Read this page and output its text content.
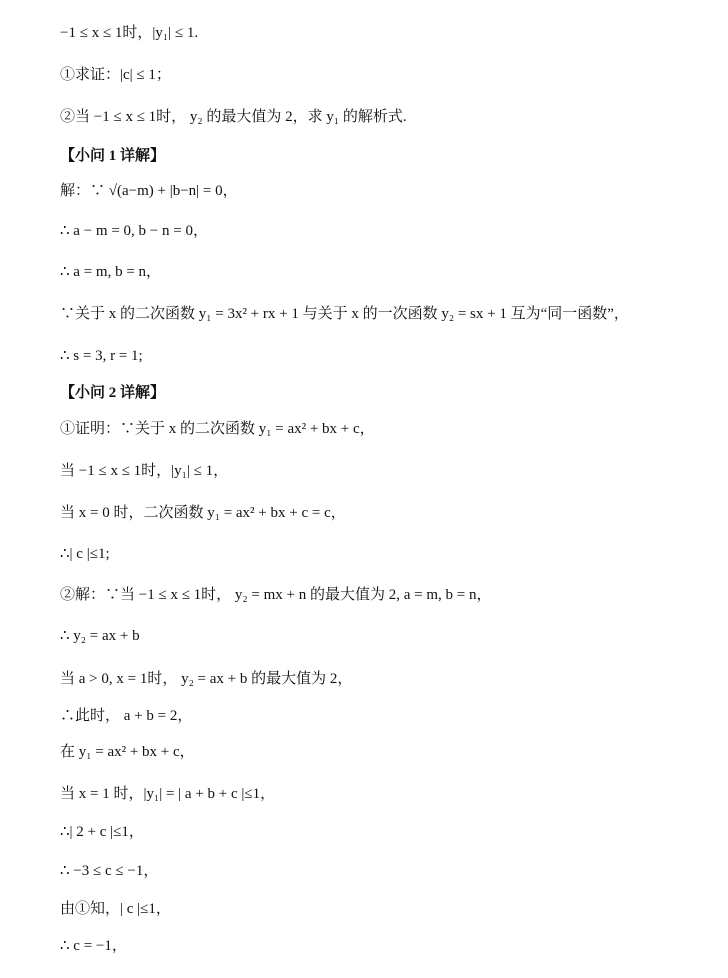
−1 ≤ x ≤ 1时，|y₁| ≤ 1.
①求证：|c| ≤ 1；
②当 −1 ≤ x ≤ 1时， y₂ 的最大值为 2，求 y₁ 的解析式.
【小问 1 详解】
解：∵ √(a−m) + |b−n| = 0，
∴ a − m = 0, b − n = 0，
∴ a = m, b = n，
∵关于 x 的二次函数 y₁ = 3x² + rx + 1 与关于 x 的一次函数 y₂ = sx + 1 互为“同一函数”，
∴ s = 3, r = 1;
【小问 2 详解】
①证明：∵关于 x 的二次函数 y₁ = ax² + bx + c，
当 −1 ≤ x ≤ 1时，|y₁| ≤ 1，
当 x = 0 时，二次函数 y₁ = ax² + bx + c = c，
∴| c |≤1;
②解：∵当 −1 ≤ x ≤ 1时， y₂ = mx + n 的最大值为 2, a = m, b = n，
∴ y₂ = ax + b
当 a > 0, x = 1时， y₂ = ax + b 的最大值为 2，
∴此时， a + b = 2，
在 y₁ = ax² + bx + c，
当 x = 1 时，|y₁| = | a + b + c |≤1，
∴| 2 + c |≤1，
∴ −3 ≤ c ≤ −1，
由①知，| c |≤1，
∴ c = −1，
